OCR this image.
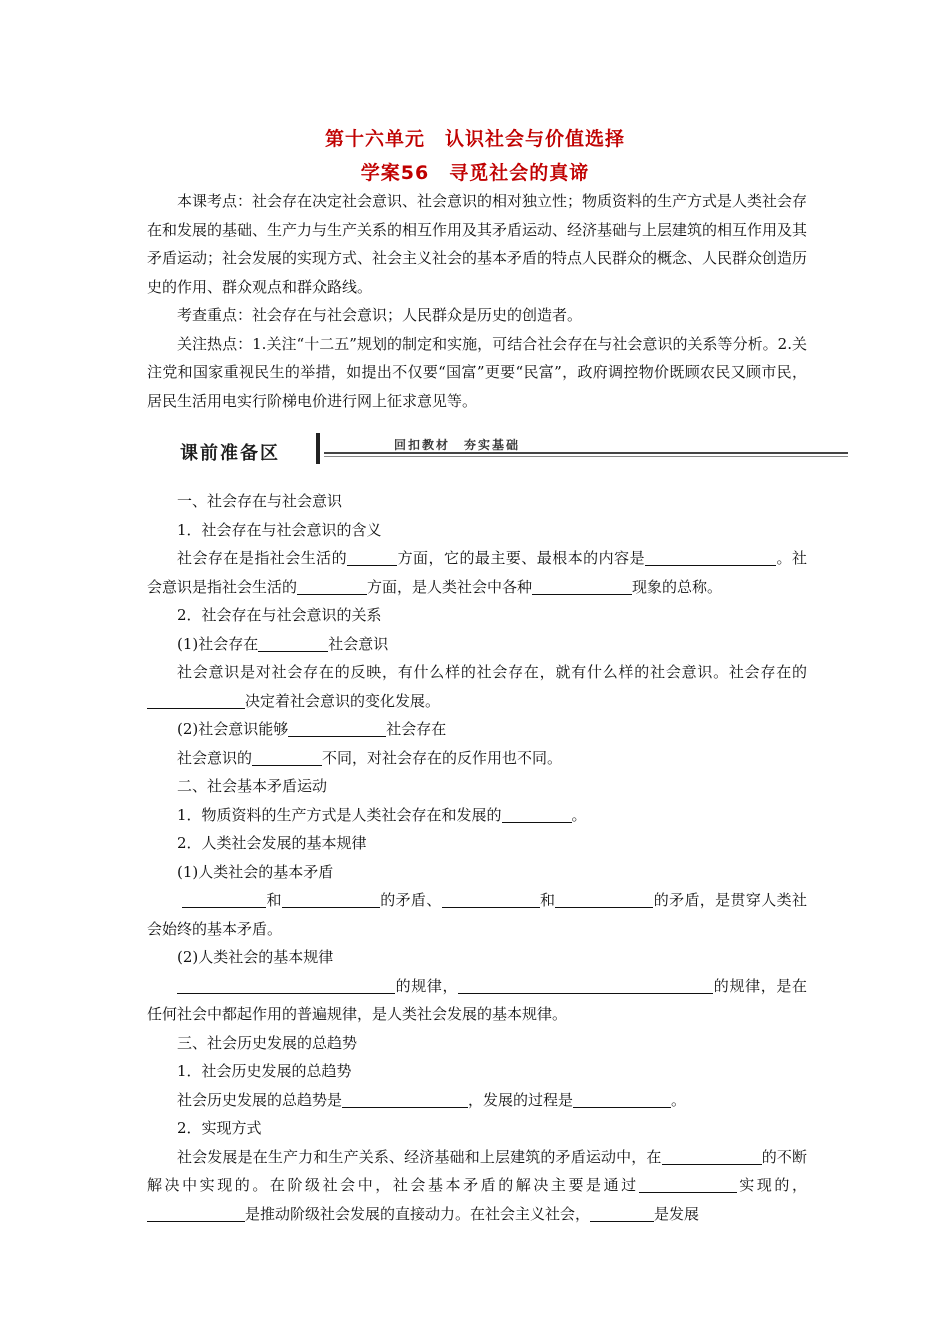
第十六单元　认识社会与价值选择
学案56　寻觅社会的真谛

本课考点：社会存在决定社会意识、社会意识的相对独立性；物质资料的生产方式是人类社会存在和发展的基础、生产力与生产关系的相互作用及其矛盾运动、经济基础与上层建筑的相互作用及其矛盾运动；社会发展的实现方式、社会主义社会的基本矛盾的特点人民群众的概念、人民群众创造历史的作用、群众观点和群众路线。

考查重点：社会存在与社会意识；人民群众是历史的创造者。

关注热点：1.关注“十二五”规划的制定和实施，可结合社会存在与社会意识的关系等分析。2.关注党和国家重视民生的举措，如提出不仅要“国富”更要“民富”，政府调控物价既顾农民又顾市民，居民生活用电实行阶梯电价进行网上征求意见等。

课前准备区	回扣教材　夯实基础

一、社会存在与社会意识

1．社会存在与社会意识的含义

社会存在是指社会生活的	方面，它的最主要、最根本的内容是	。社会意识是指社会生活的	方面，是人类社会中各种	现象的总称。

2．社会存在与社会意识的关系

(1)社会存在	社会意识

社会意识是对社会存在的反映，有什么样的社会存在，就有什么样的社会意识。社会存在的决定着社会意识的变化发展。

(2)社会意识能够	社会存在

社会意识的	不同，对社会存在的反作用也不同。

二、社会基本矛盾运动

1．物质资料的生产方式是人类社会存在和发展的	。

2．人类社会发展的基本规律

(1)人类社会的基本矛盾

和	的矛盾、	和	的矛盾，是贯穿人类社会始终的基本矛盾。

(2)人类社会的基本规律

的规律，	的规律，是在任何社会中都起作用的普遍规律，是人类社会发展的基本规律。

三、社会历史发展的总趋势

1．社会历史发展的总趋势

社会历史发展的总趋势是	，发展的过程是	。

2．实现方式

社会发展是在生产力和生产关系、经济基础和上层建筑的矛盾运动中，在	的不断解决中实现的。在阶级社会中，社会基本矛盾的解决主要是通过	实现的，是推动阶级社会发展的直接动力。在社会主义社会，	是发展
